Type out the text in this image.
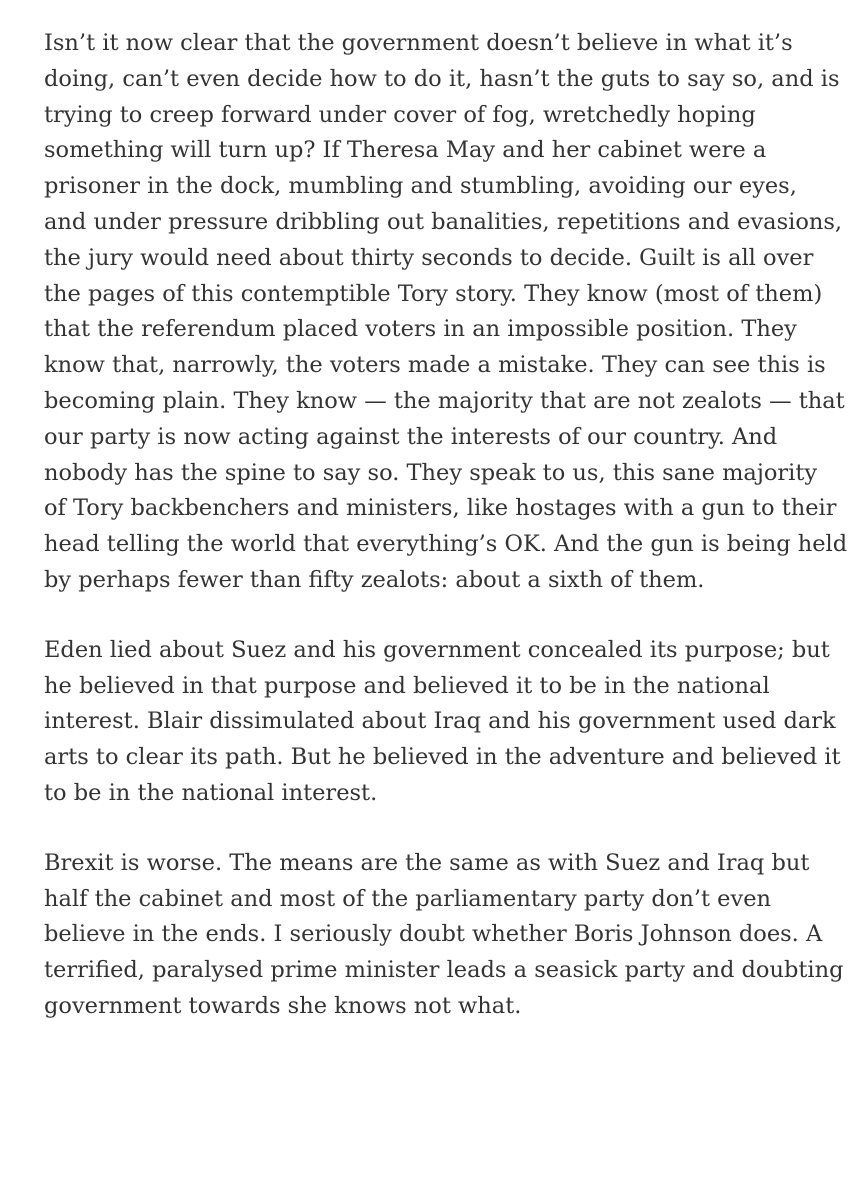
Isn’t it now clear that the government doesn’t believe in what it’s
doing, can’t even decide how to do it, hasn’t the guts to say so, and is
trying to creep forward under cover of fog, wretchedly hoping
something will turn up? If Theresa May and her cabinet were a
prisoner in the dock, mumbling and stumbling, avoiding our eyes,
and under pressure dribbling out banalities, repetitions and evasions,
the jury would need about thirty seconds to decide. Guilt is all over
the pages of this contemptible Tory story. They know (most of them)
that the referendum placed voters in an impossible position. They
know that, narrowly, the voters made a mistake. They can see this is
becoming plain. They know — the majority that are not zealots — that
our party is now acting against the interests of our country. And
nobody has the spine to say so. They speak to us, this sane majority
of Tory backbenchers and ministers, like hostages with a gun to their
head telling the world that everything’s OK. And the gun is being held
by perhaps fewer than fifty zealots: about a sixth of them.

Eden lied about Suez and his government concealed its purpose; but
he believed in that purpose and believed it to be in the national
interest. Blair dissimulated about Iraq and his government used dark
arts to clear its path. But he believed in the adventure and believed it
to be in the national interest.

Brexit is worse. The means are the same as with Suez and Iraq but
half the cabinet and most of the parliamentary party don’t even
believe in the ends. I seriously doubt whether Boris Johnson does. A
terrified, paralysed prime minister leads a seasick party and doubting
government towards she knows not what.
